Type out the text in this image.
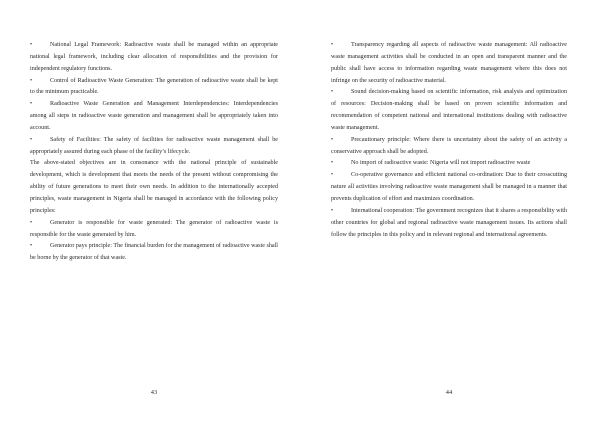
•National Legal Framework: Radioactive waste shall be managed within an appropriate national legal framework, including clear allocation of responsibilities and the provision for independent regulatory functions.

•Control of Radioactive Waste Generation: The generation of radioactive waste shall be kept to the minimum practicable.

•Radioactive Waste Generation and Management Interdependencies: Interdependencies among all steps in radioactive waste generation and management shall be appropriately taken into account.

•Safety of Facilities: The safety of facilities for radioactive waste management shall be appropriately assured during each phase of the facility’s lifecycle.

The above-stated objectives are in consonance with the national principle of sustainable development, which is development that meets the needs of the present without compromising the ability of future generations to meet their own needs. In addition to the internationally accepted principles, waste management in Nigeria shall be managed in accordance with the following policy principles:

•Generator is responsible for waste generated: The generator of radioactive waste is responsible for the waste generated by him.

•Generator pays principle: The financial burden for the management of radioactive waste shall be borne by the generator of that waste.

43

•Transparency regarding all aspects of radioactive waste management: All radioactive waste management activities shall be conducted in an open and transparent manner and the public shall have access to information regarding waste management where this does not infringe on the security of radioactive material.

•Sound decision-making based on scientific information, risk analysis and optimization of resources: Decision-making shall be based on proven scientific information and recommendation of competent national and international institutions dealing with radioactive waste management.

•Precautionary principle: Where there is uncertainty about the safety of an activity a conservative approach shall be adopted.

•No import of radioactive waste: Nigeria will not import radioactive waste

•Co-operative governance and efficient national co-ordination: Due to their crosscutting nature all activities involving radioactive waste management shall be managed in a manner that prevents duplication of effort and maximizes coordination.

•International cooperation: The government recognizes that it shares a responsibility with other countries for global and regional radioactive waste management issues. Its actions shall follow the principles in this policy and in relevant regional and international agreements.

44
